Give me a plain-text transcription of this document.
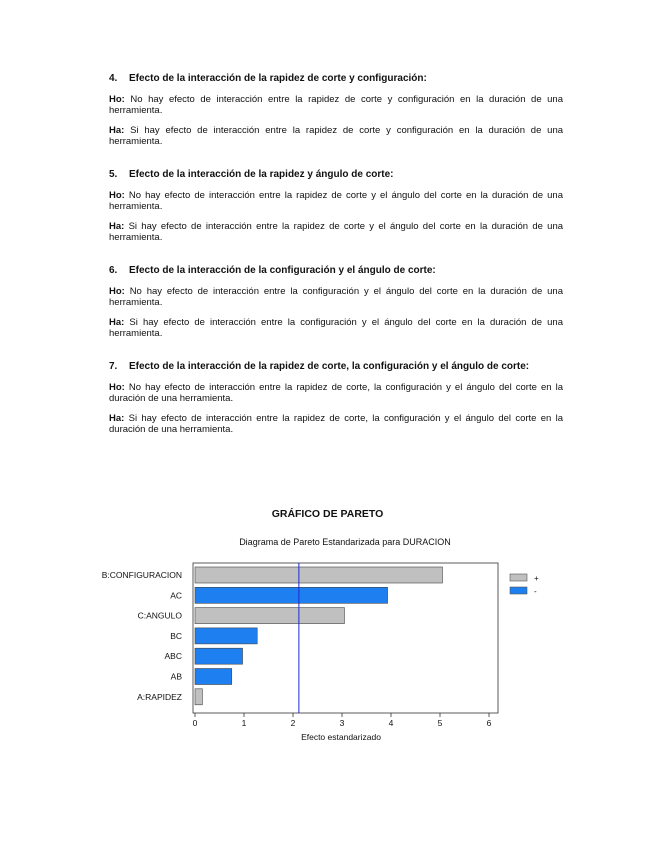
4. Efecto de la interacción de la rapidez de corte y configuración:

Ho: No hay efecto de interacción entre la rapidez de corte y configuración en la duración de una herramienta.

Ha: Si hay efecto de interacción entre la rapidez de corte y configuración en la duración de una herramienta.

5. Efecto de la interacción de la rapidez y ángulo de corte:

Ho: No hay efecto de interacción entre la rapidez de corte y el ángulo del corte en la duración de una herramienta.

Ha: Si hay efecto de interacción entre la rapidez de corte y el ángulo del corte en la duración de una herramienta.

6. Efecto de la interacción de la configuración y el ángulo de corte:

Ho: No hay efecto de interacción entre la configuración y el ángulo del corte en la duración de una herramienta.

Ha: Si hay efecto de interacción entre la configuración y el ángulo del corte en la duración de una herramienta.

7. Efecto de la interacción de la rapidez de corte, la configuración y el ángulo de corte:

Ho: No hay efecto de interacción entre la rapidez de corte, la configuración y el ángulo del corte en la duración de una herramienta.

Ha: Si hay efecto de interacción entre la rapidez de corte, la configuración y el ángulo del corte en la duración de una herramienta.

GRÁFICO DE PARETO
Diagrama de Pareto Estandarizada para DURACION
B:CONFIGURACION
AC
C:ANGULO
BC
ABC
AB
A:RAPIDEZ
0	1	2	3	4	5	6
Efecto estandarizado
+
-
